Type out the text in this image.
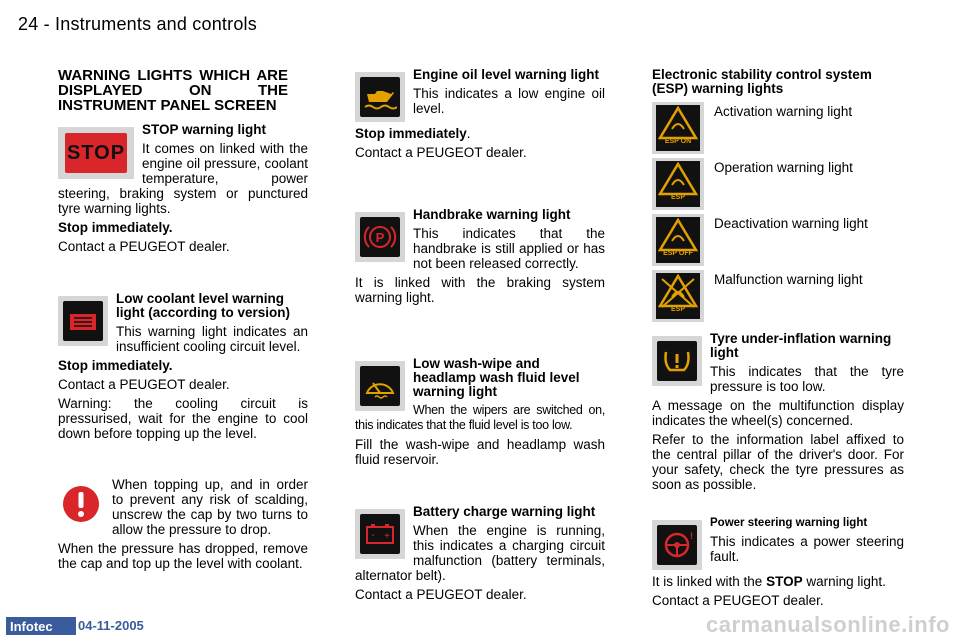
24 - Instruments and controls
WARNING LIGHTS WHICH ARE DISPLAYED ON THE INSTRUMENT PANEL SCREEN
STOP

STOP warning light

It comes on linked with the engine oil pressure, coolant temperature, power steering, braking system or punctured tyre warning lights.

Stop immediately.

Contact a PEUGEOT dealer.

Low coolant level warning light (according to version)

This warning light indicates an insufficient cooling circuit level.

Stop immediately.

Contact a PEUGEOT dealer.

Warning: the cooling circuit is pressurised, wait for the engine to cool down before topping up the level.

When topping up, and in order to prevent any risk of scalding, unscrew the cap by two turns to allow the pressure to drop.

When the pressure has dropped, remove the cap and top up the level with coolant.

Engine oil level warning light

This indicates a low engine oil level.

Stop immediately.

Contact a PEUGEOT dealer.

P

Handbrake warning light

This indicates that the handbrake is still applied or has not been released correctly.

It is linked with the braking system warning light.

Low wash-wipe and headlamp wash fluid level warning light

When the wipers are switched on, this indicates that the fluid level is too low.

Fill the wash-wipe and headlamp wash fluid reservoir.

- +

Battery charge warning light

When the engine is running, this indicates a charging circuit malfunction (battery terminals, alternator belt).

Contact a PEUGEOT dealer.

Electronic stability control system (ESP) warning lights

ESP ON
Activation warning light
ESP
Operation warning light
ESP OFF
Deactivation warning light
ESP
Malfunction warning light

Tyre under-inflation warning light

This indicates that the tyre pressure is too low.

A message on the multifunction display indicates the wheel(s) concerned.

Refer to the information label affixed to the central pillar of the driver's door. For your safety, check the tyre pressures as soon as possible.

!

Power steering warning light

This indicates a power steering fault.

It is linked with the STOP warning light.

Contact a PEUGEOT dealer.

Infotec	04-11-2005	carmanualsonline.info
